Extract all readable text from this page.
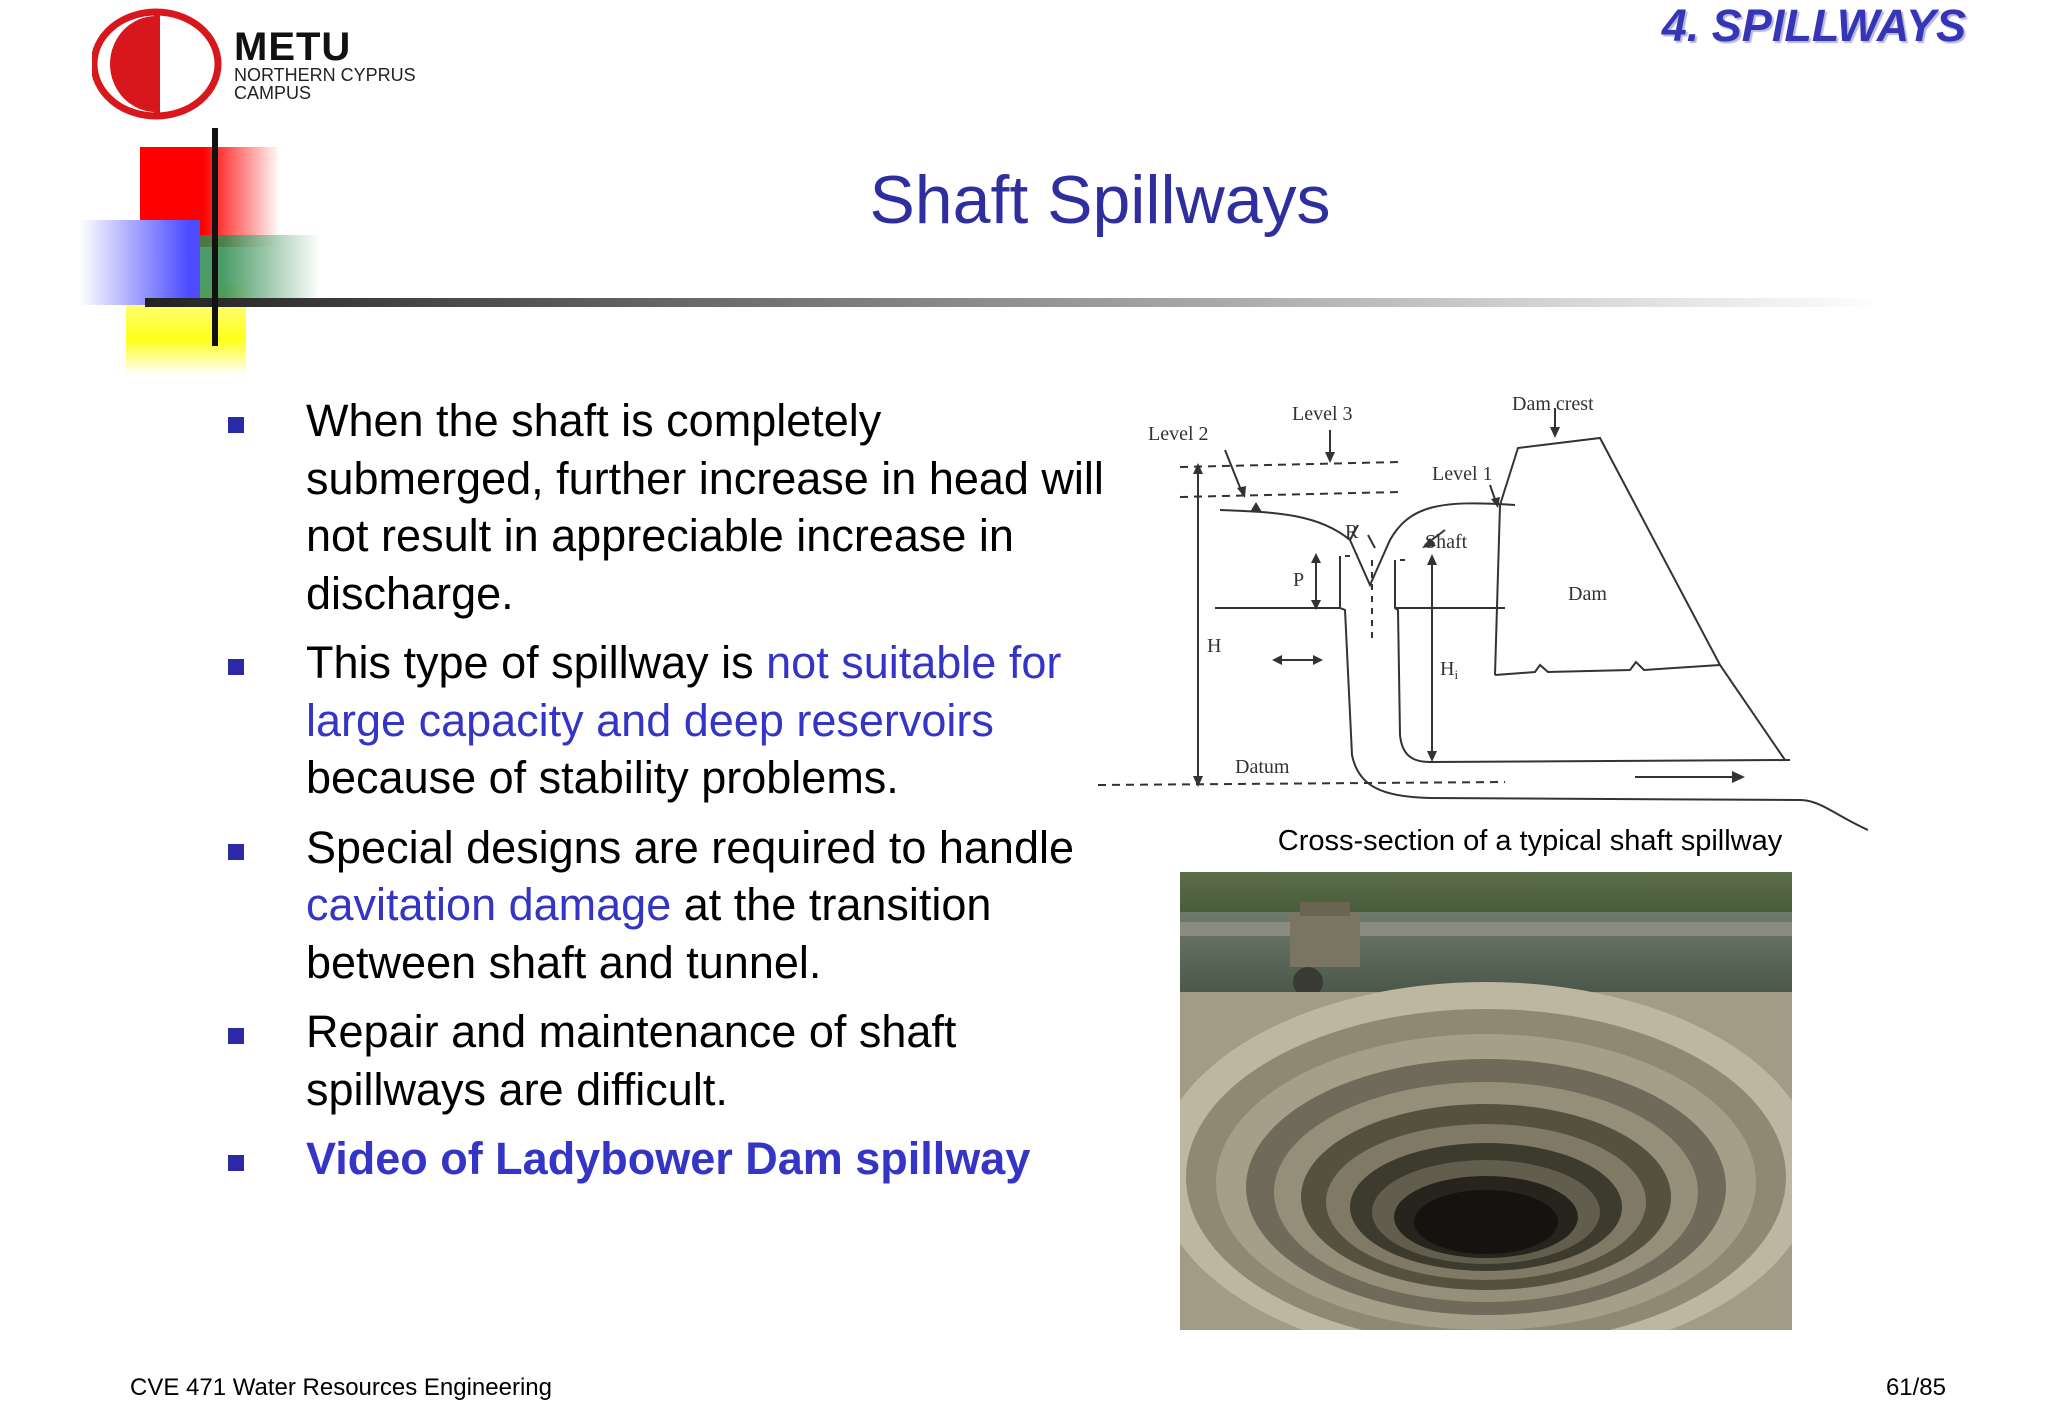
METU
NORTHERN CYPRUS
CAMPUS
4. SPILLWAYS
Shaft Spillways
When the shaft is completely submerged, further increase in head will not result in appreciable increase in discharge.
This type of spillway is not suitable for large capacity and deep reservoirs because of stability problems.
Special designs are required to handle cavitation damage at the transition between shaft and tunnel.
Repair and maintenance of shaft spillways are difficult.
Video of Ladybower Dam spillway
Level 2
Level 3	Dam crest
Level 1
R	Shaft
P
Dam
H
$H_i$
Datum
Cross-section of a typical shaft spillway
CVE 471 Water Resources Engineering	61/85
